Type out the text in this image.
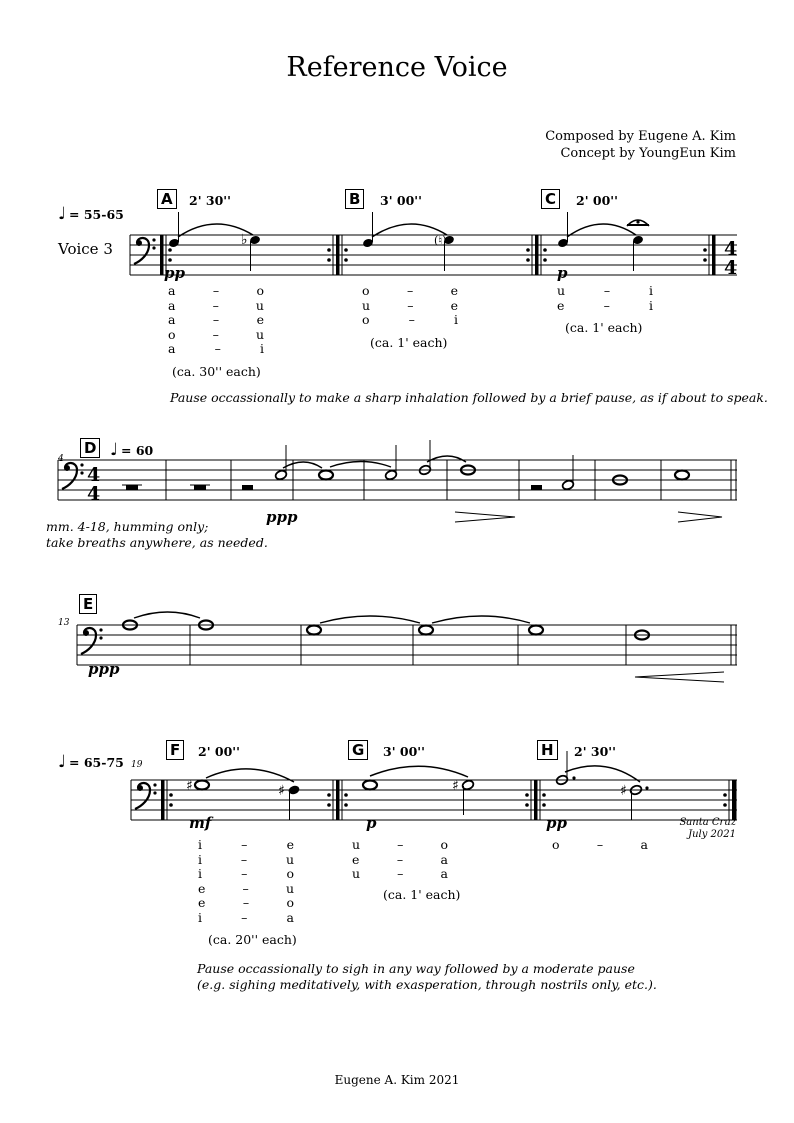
♭	(♮)	4
4
4
4
♯	♯	♯	♯
Reference Voice
Composed by Eugene A. Kim
Concept by YoungEun Kim
♩ = 55-65
Voice 3
A	2' 30''
pp
a	–	o
a	–	u
a	–	e
o	–	u
a	–	i
(ca. 30'' each)
B	3' 00''
o	–	e
u	–	e
o	–	i
(ca. 1' each)
C	2' 00''
p
u	–	i
e	–	i
(ca. 1' each)
Pause occassionally to make a sharp inhalation followed by a brief pause, as if about to speak.
4
D ♩ = 60
ppp
mm. 4-18, humming only;
take breaths anywhere, as needed.
13
E
ppp
♩ = 65-75 19
F	2' 00''
mf
i	–	e
i	–	u
i	–	o
e	–	u
e	–	o
i	–	a
(ca. 20'' each)
G	3' 00''
p
u	–	o
e	–	a
u	–	a
(ca. 1' each)
H	2' 30''
pp
o	–	a
Santa Cruz
July 2021
Pause occassionally to sigh in any way followed by a moderate pause
(e.g. sighing meditatively, with exasperation, through nostrils only, etc.).
Eugene A. Kim 2021
